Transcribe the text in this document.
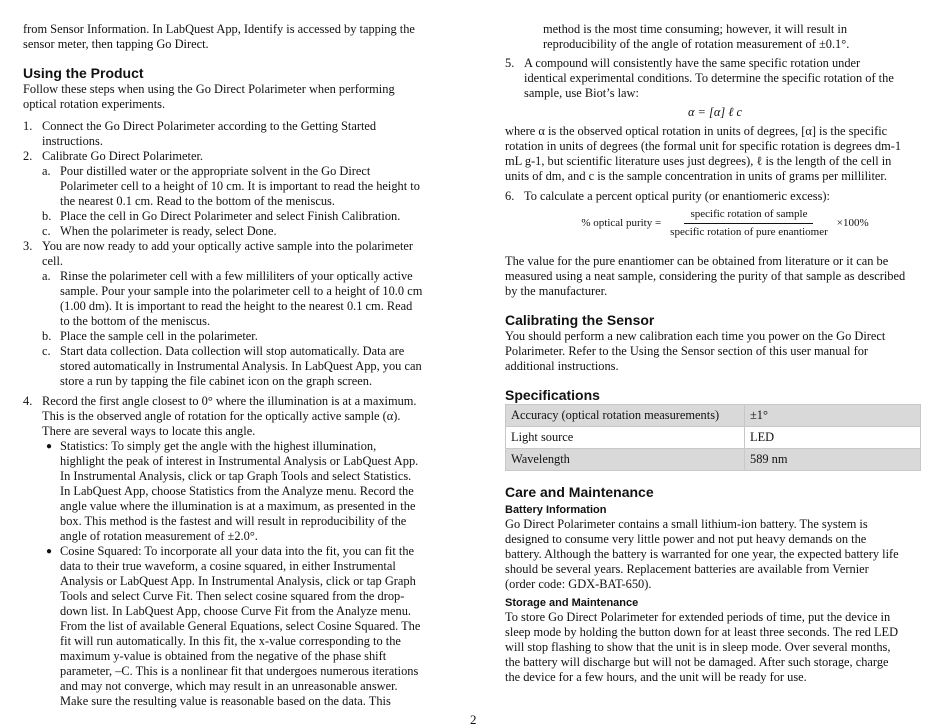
from Sensor Information. In LabQuest App, Identify is accessed by tapping the
sensor meter, then tapping Go Direct.

Using the Product

Follow these steps when using the Go Direct Polarimeter when performing
optical rotation experiments.

1. Connect the Go Direct Polarimeter according to the Getting Started
instructions.
2. Calibrate Go Direct Polarimeter.
a. Pour distilled water or the appropriate solvent in the Go Direct
Polarimeter cell to a height of 10 cm. It is important to read the height to
the nearest 0.1 cm. Read to the bottom of the meniscus.
b. Place the cell in Go Direct Polarimeter and select Finish Calibration.
c. When the polarimeter is ready, select Done.
3. You are now ready to add your optically active sample into the polarimeter
cell.
a. Rinse the polarimeter cell with a few milliliters of your optically active
sample. Pour your sample into the polarimeter cell to a height of 10.0 cm
(1.00 dm). It is important to read the height to the nearest 0.1 cm. Read
to the bottom of the meniscus.
b. Place the sample cell in the polarimeter.
c. Start data collection. Data collection will stop automatically. Data are
stored automatically in Instrumental Analysis. In LabQuest App, you can
store a run by tapping the file cabinet icon on the graph screen.
4. Record the first angle closest to 0° where the illumination is at a maximum.
This is the observed angle of rotation for the optically active sample (α).
There are several ways to locate this angle.
● Statistics: To simply get the angle with the highest illumination,
highlight the peak of interest in Instrumental Analysis or LabQuest App.
In Instrumental Analysis, click or tap Graph Tools and select Statistics.
In LabQuest App, choose Statistics from the Analyze menu. Record the
angle value where the illumination is at a maximum, as presented in the
box. This method is the fastest and will result in reproducibility of the
angle of rotation measurement of ±2.0°.
● Cosine Squared: To incorporate all your data into the fit, you can fit the
data to their true waveform, a cosine squared, in either Instrumental
Analysis or LabQuest App. In Instrumental Analysis, click or tap Graph
Tools and select Curve Fit. Then select cosine squared from the drop-
down list. In LabQuest App, choose Curve Fit from the Analyze menu.
From the list of available General Equations, select Cosine Squared. The
fit will run automatically. In this fit, the x-value corresponding to the
maximum y-value is obtained from the negative of the phase shift
parameter, –C. This is a nonlinear fit that undergoes numerous iterations
and may not converge, which may result in an unreasonable answer.
Make sure the resulting value is reasonable based on the data. This

method is the most time consuming; however, it will result in
reproducibility of the angle of rotation measurement of ±0.1°.

5. A compound will consistently have the same specific rotation under
identical experimental conditions. To determine the specific rotation of the
sample, use Biot’s law:

α = [α] ℓ c

where α is the observed optical rotation in units of degrees, [α] is the specific
rotation in units of degrees (the formal unit for specific rotation is degrees dm-1
mL g-1, but scientific literature uses just degrees), ℓ is the length of the cell in
units of dm, and c is the sample concentration in units of grams per milliliter.

6. To calculate a percent optical purity (or enantiomeric excess):
% optical purity = $\frac{\text{specific rotation of sample}}{\text{specific rotation of pure enantiomer}} \times 100\%$

The value for the pure enantiomer can be obtained from literature or it can be
measured using a neat sample, considering the purity of that sample as described
by the manufacturer.

Calibrating the Sensor

You should perform a new calibration each time you power on the Go Direct
Polarimeter. Refer to the Using the Sensor section of this user manual for
additional instructions.

Specifications
Accuracy (optical rotation measurements)	±1°
Light source	LED
Wavelength	589 nm
Care and Maintenance
Battery Information

Go Direct Polarimeter contains a small lithium-ion battery. The system is
designed to consume very little power and not put heavy demands on the
battery. Although the battery is warranted for one year, the expected battery life
should be several years. Replacement batteries are available from Vernier
(order code: GDX-BAT-650).

Storage and Maintenance

To store Go Direct Polarimeter for extended periods of time, put the device in
sleep mode by holding the button down for at least three seconds. The red LED
will stop flashing to show that the unit is in sleep mode. Over several months,
the battery will discharge but will not be damaged. After such storage, charge
the device for a few hours, and the unit will be ready for use.

2
